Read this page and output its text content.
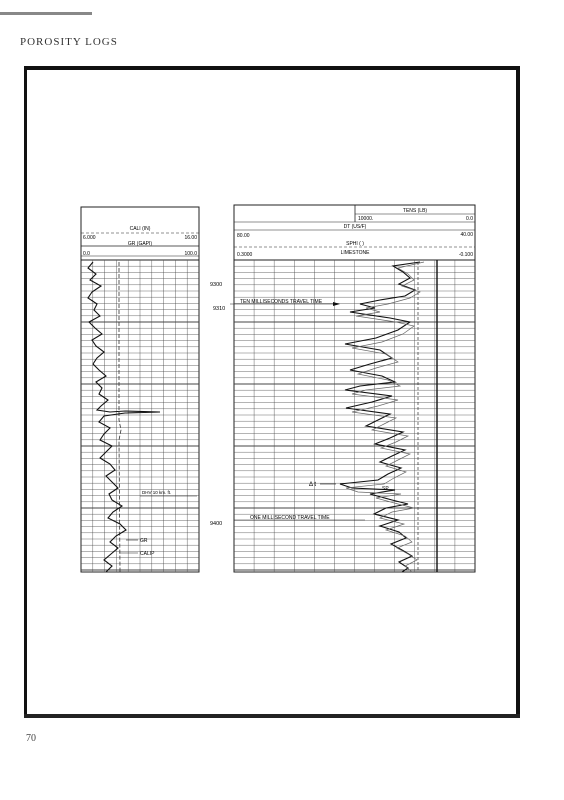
POROSITY LOGS
CALI (IN)
6.000	16.00
GR (GAPI)
0.0	100.0
DHV 10 km. ft.
GR
CALIP
9300
9310
9400
TENS (LB)
10000.	0.0
DT (US/F)
80.00	40.00
SPHI ( )
0.3000	LIMESTONE	-0.100
TEN MILLISECONDS TRAVEL TIME
ONE MILLISECOND TRAVEL TIME
Δ t
SP
70
